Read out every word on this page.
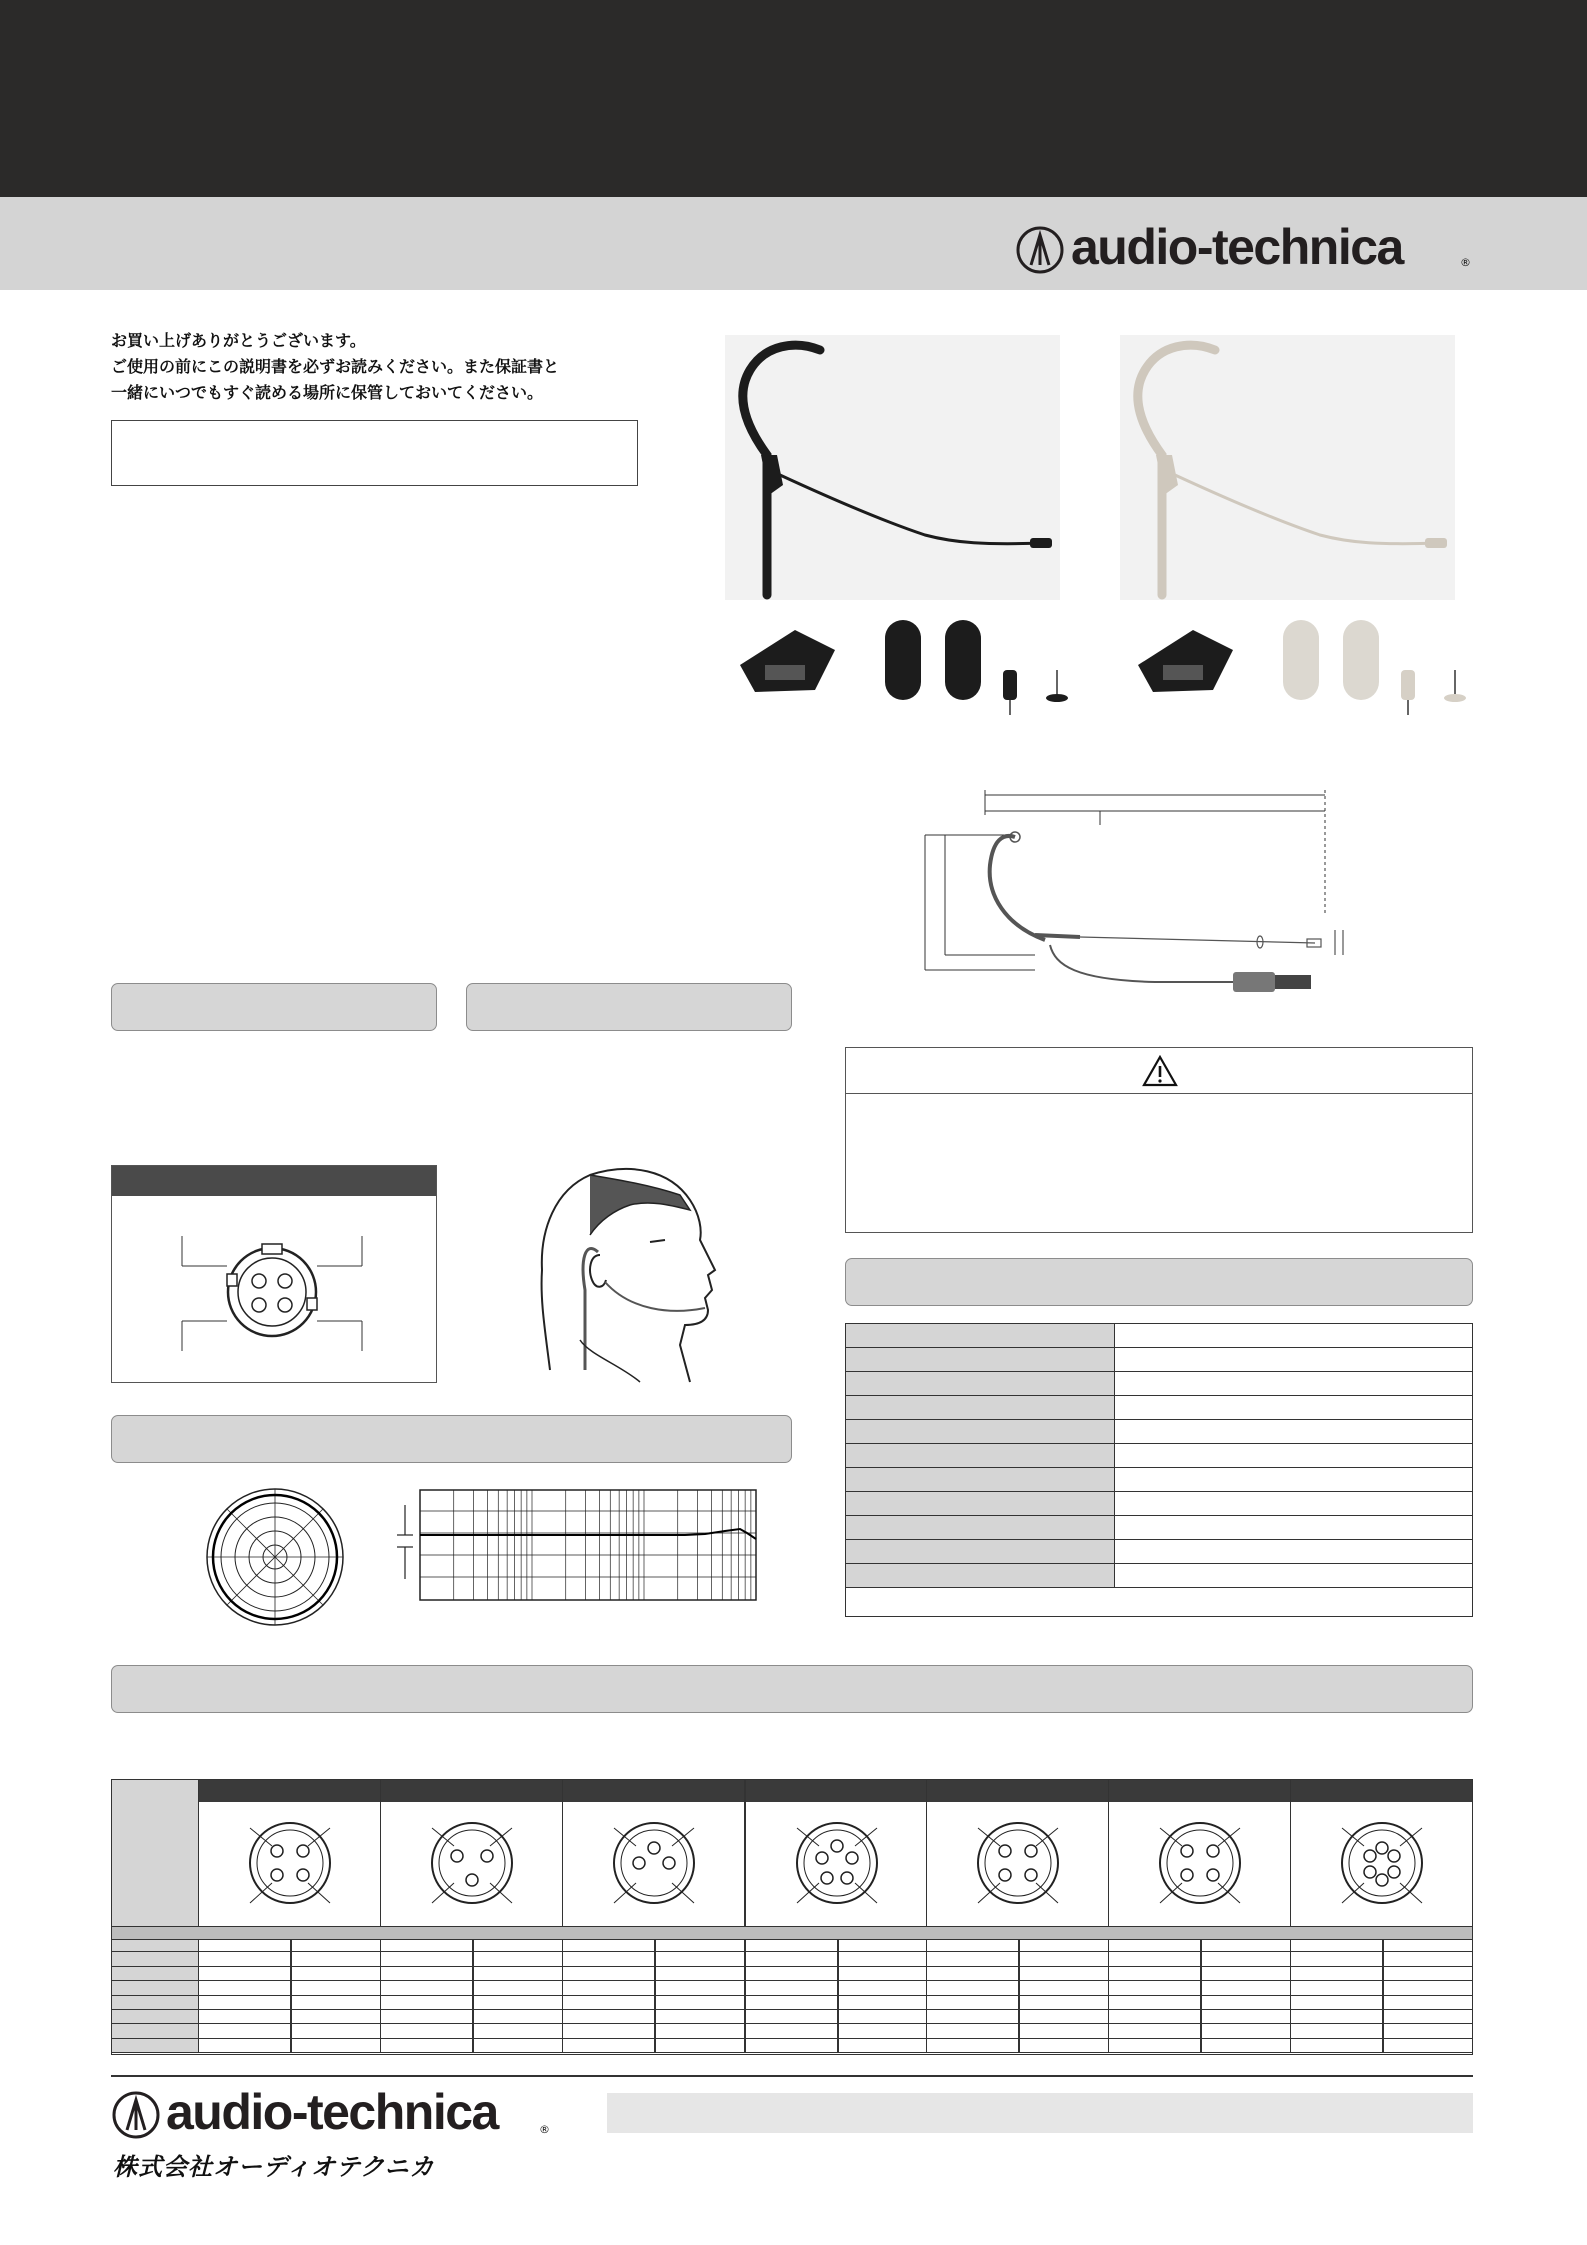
audio-technica	®

お買い上げありがとうございます。

ご使用の前にこの説明書を必ずお読みください。また保証書と

一緒にいつでもすぐ読める場所に保管しておいてください。

audio-technica	®
株式会社オーディオテクニカ
